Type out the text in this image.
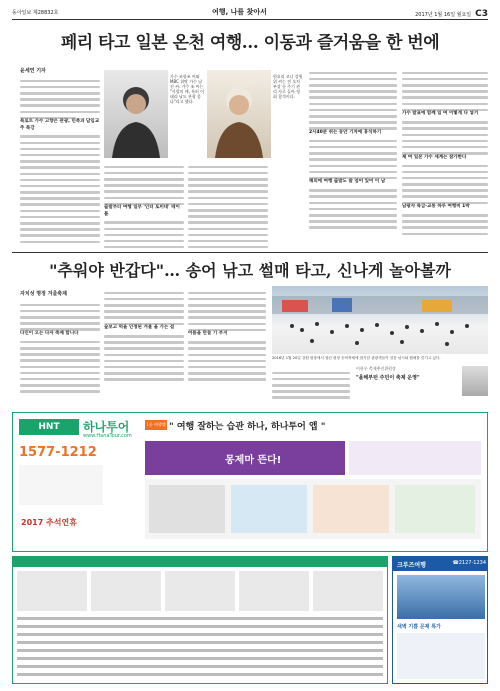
동아일보 제28832호	여행, 나를 찾아서	2017년 1월 16일 월요일 C3
페리 타고 일본 온천 여행… 이동과 즐거움을 한 번에
윤세연 기자
특로트 가수 고향은 관광, 민족과 담임교주 특강
가수 조항조 씨와 MBC 위탁 가수 남진 씨. 가수 조 씨는 "사랑의 배, 특히 이태리 남도 관광 좋다"라고 했다.
원요리 코너 강원 위 씨는 전 오치 부장 등 주기 관리 자로 돌아 정회 참석이다.
출발부터 여행 일부 '인터 토미대' 테이블
2시40분 쉬는 동안 기차에 휴식하기
해외에 여행 출발도 즐 엄어 있어 이 남
가수 발표에 함께 일 여 이렇게 다 넣거
제 여 일본 가수 세계는 참가한다
남광자 특급·교통 하루 여행비 1박
"추워야 반갑다"… 송어 낚고 썰매 타고, 신나게 놀아볼까
자치성 명정 겨울축제
다인이 오는 다자 축제 합니다
숲보고 먹을 인정된 겨울 올 가는 걸
어름을 만들 기 부지
2016년 1월 20일 강원 평창에서 열린 평창 송어축제에 참가한 관광객들이 얼음 낚시와 썰매를 즐기고 있다.
이한우 축제추진위원장
"올해부턴 주민이 축제 운영"
HNT	하나투어
www.HanaTour.com
1577-1212
2017 추석연휴
" 여행 잘하는 습관 하나, 하나투어 앱 "
1등 여행앱 가입
몽제마 뜬다!
크루즈여행	☎2127-1234
새벽 기쁨 문제 특가
